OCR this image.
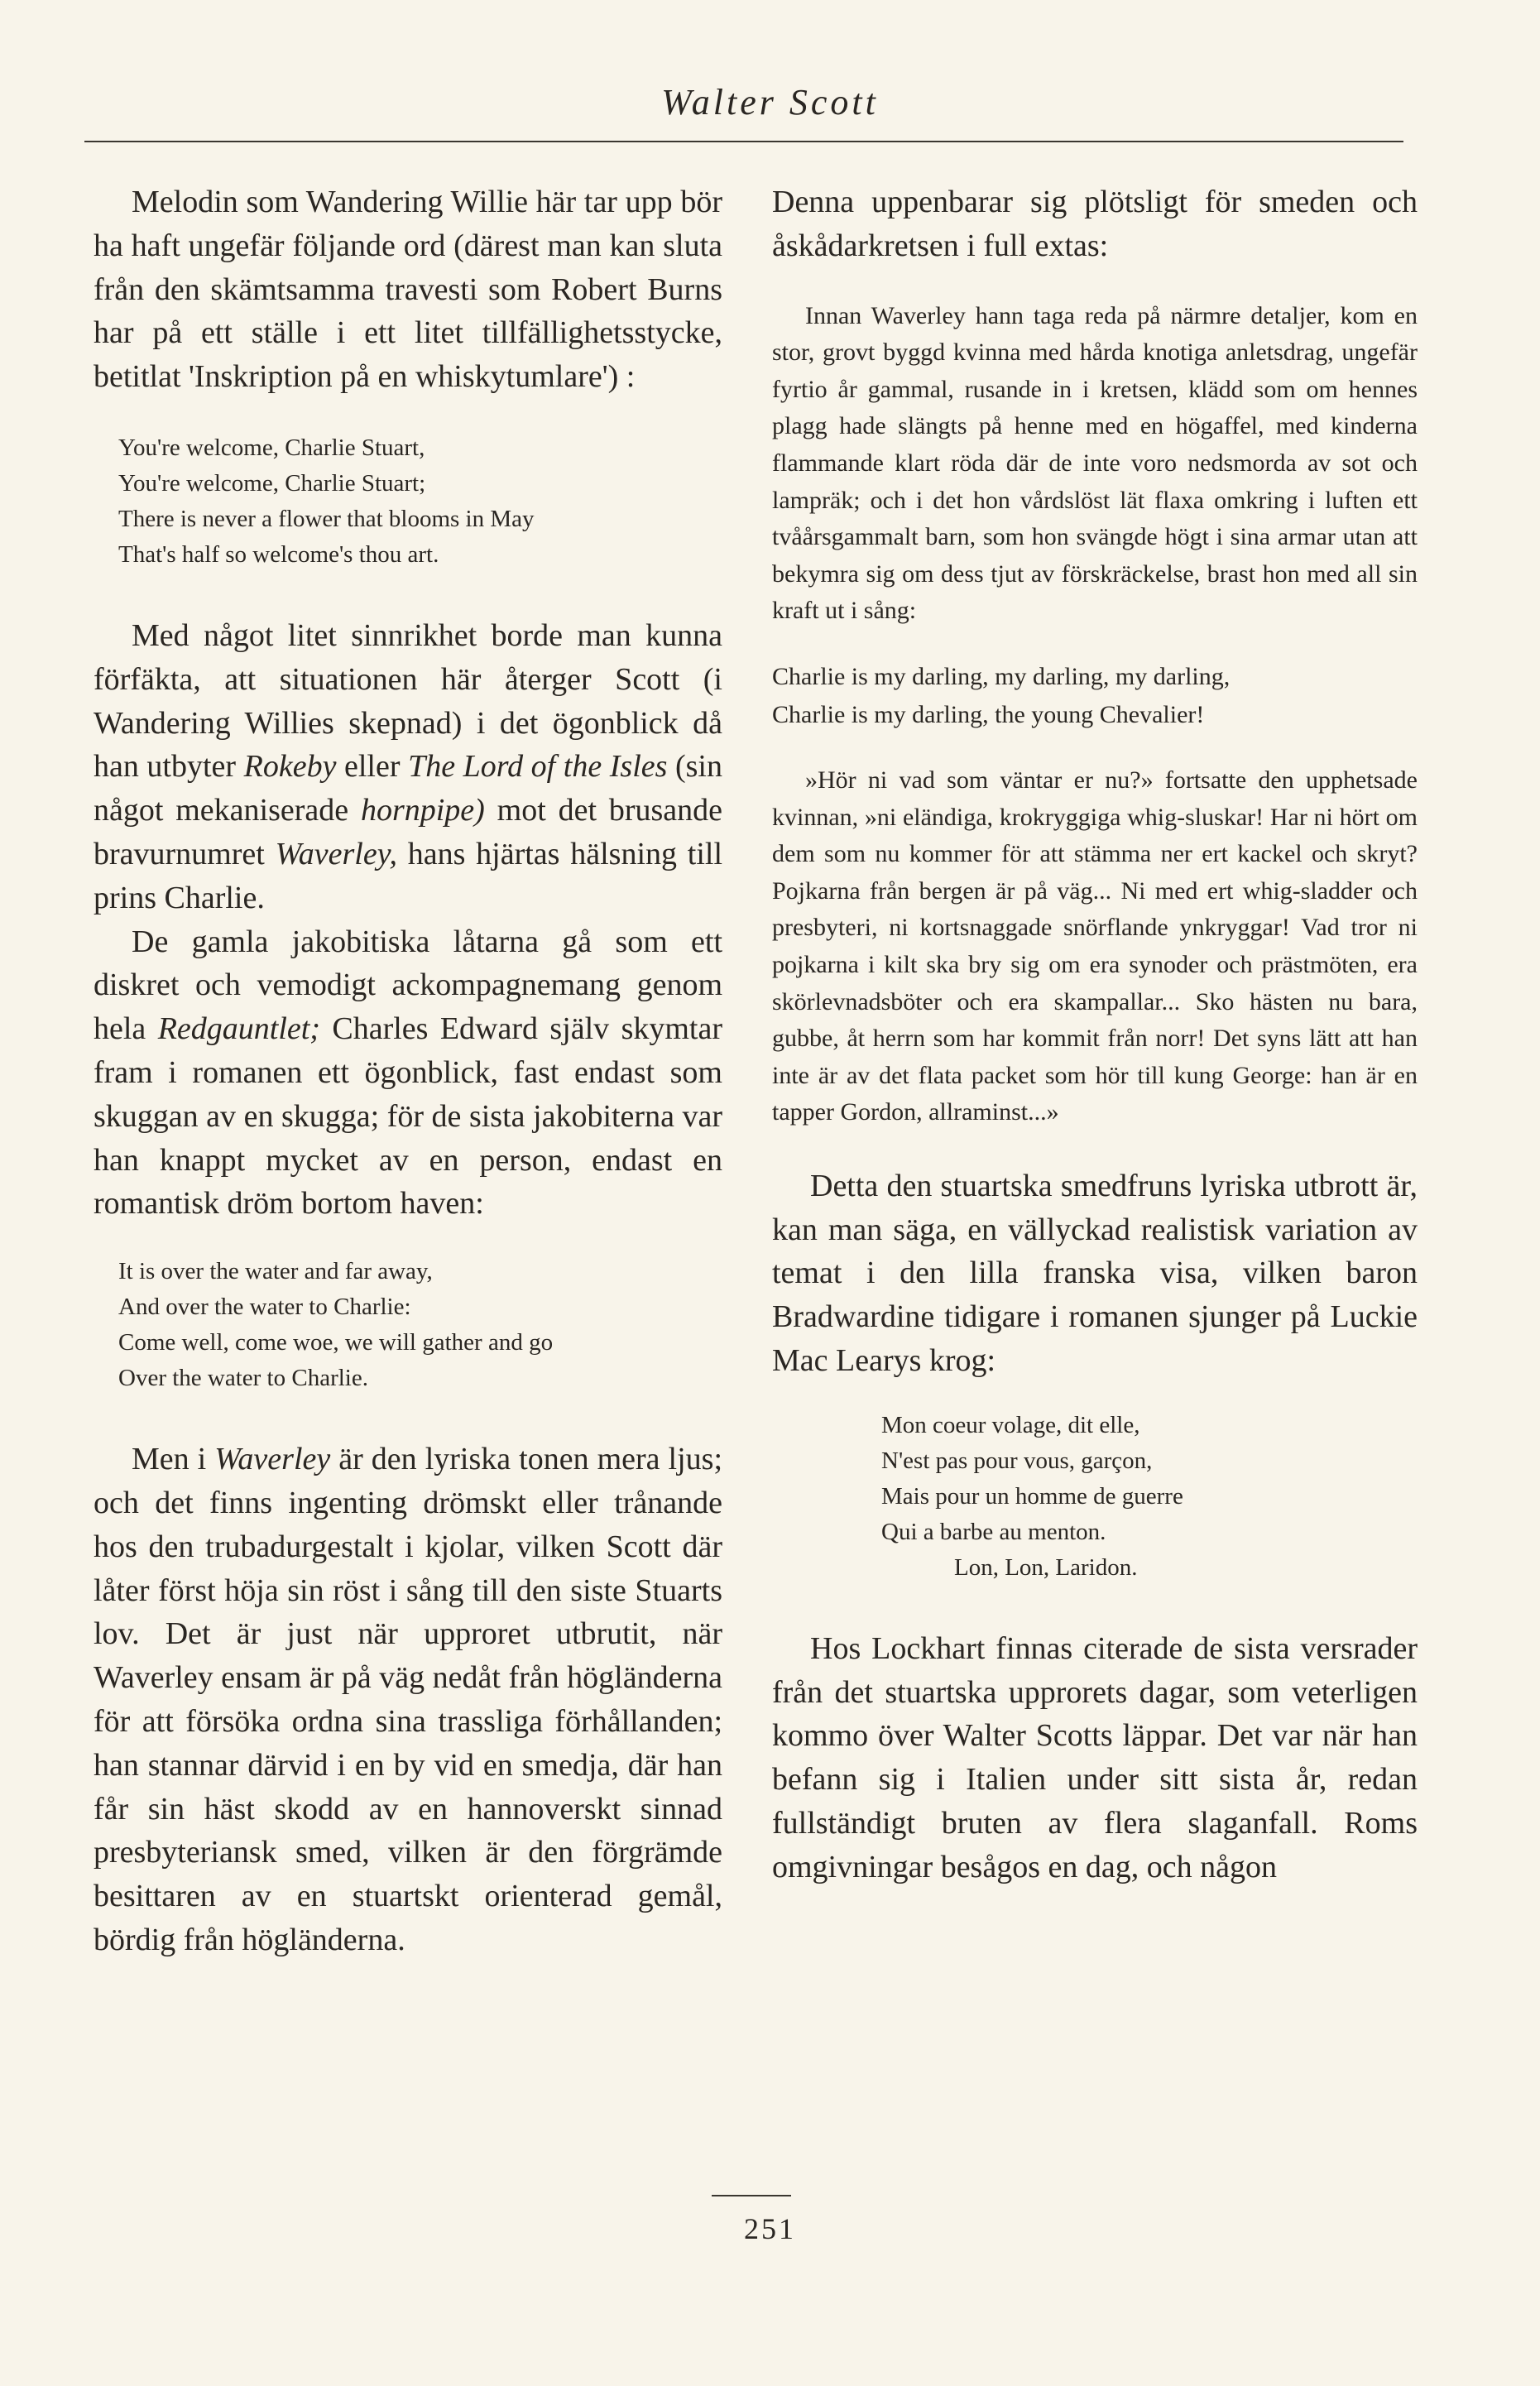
Walter Scott

Melodin som Wandering Willie här tar upp bör ha haft ungefär följande ord (därest man kan sluta från den skämtsamma travesti som Robert Burns har på ett ställe i ett litet tillfällighetsstycke, betitlat 'Inskription på en whiskytumlare') :

You're welcome, Charlie Stuart,
You're welcome, Charlie Stuart;
There is never a flower that blooms in May
That's half so welcome's thou art.

Med något litet sinnrikhet borde man kunna förfäkta, att situationen här återger Scott (i Wandering Willies skepnad) i det ögonblick då han utbyter Rokeby eller The Lord of the Isles (sin något mekaniserade hornpipe) mot det brusande bravurnumret Waverley, hans hjärtas hälsning till prins Charlie.

De gamla jakobitiska låtarna gå som ett diskret och vemodigt ackompagnemang genom hela Redgauntlet; Charles Edward själv skymtar fram i romanen ett ögonblick, fast endast som skuggan av en skugga; för de sista jakobiterna var han knappt mycket av en person, endast en romantisk dröm bortom haven:

It is over the water and far away,
And over the water to Charlie:
Come well, come woe, we will gather and go
Over the water to Charlie.

Men i Waverley är den lyriska tonen mera ljus; och det finns ingenting drömskt eller trånande hos den trubadurgestalt i kjolar, vilken Scott där låter först höja sin röst i sång till den siste Stuarts lov. Det är just när upproret utbrutit, när Waverley ensam är på väg nedåt från högländerna för att försöka ordna sina trassliga förhållanden; han stannar därvid i en by vid en smedja, där han får sin häst skodd av en hannoverskt sinnad presbyteriansk smed, vilken är den förgrämde besittaren av en stuartskt orienterad gemål, bördig från högländerna.

Denna uppenbarar sig plötsligt för smeden och åskådarkretsen i full extas:

Innan Waverley hann taga reda på närmre detaljer, kom en stor, grovt byggd kvinna med hårda knotiga anletsdrag, ungefär fyrtio år gammal, rusande in i kretsen, klädd som om hennes plagg hade slängts på henne med en högaffel, med kinderna flammande klart röda där de inte voro nedsmorda av sot och lampräk; och i det hon vårdslöst lät flaxa omkring i luften ett tvåårsgammalt barn, som hon svängde högt i sina armar utan att bekymra sig om dess tjut av förskräckelse, brast hon med all sin kraft ut i sång:

Charlie is my darling, my darling, my darling,
Charlie is my darling, the young Chevalier!

»Hör ni vad som väntar er nu?» fortsatte den upphetsade kvinnan, »ni eländiga, krokryggiga whig-sluskar! Har ni hört om dem som nu kommer för att stämma ner ert kackel och skryt? Pojkarna från bergen är på väg... Ni med ert whig-sladder och presbyteri, ni kortsnaggade snörflande ynkryggar! Vad tror ni pojkarna i kilt ska bry sig om era synoder och prästmöten, era skörlevnadsböter och era skampallar... Sko hästen nu bara, gubbe, åt herrn som har kommit från norr! Det syns lätt att han inte är av det flata packet som hör till kung George: han är en tapper Gordon, allraminst...»

Detta den stuartska smedfruns lyriska utbrott är, kan man säga, en vällyckad realistisk variation av temat i den lilla franska visa, vilken baron Bradwardine tidigare i romanen sjunger på Luckie Mac Learys krog:

Mon coeur volage, dit elle,
N'est pas pour vous, garçon,
Mais pour un homme de guerre
Qui a barbe au menton.
Lon, Lon, Laridon.

Hos Lockhart finnas citerade de sista versrader från det stuartska upprorets dagar, som veterligen kommo över Walter Scotts läppar. Det var när han befann sig i Italien under sitt sista år, redan fullständigt bruten av flera slaganfall. Roms omgivningar besågos en dag, och någon

251
